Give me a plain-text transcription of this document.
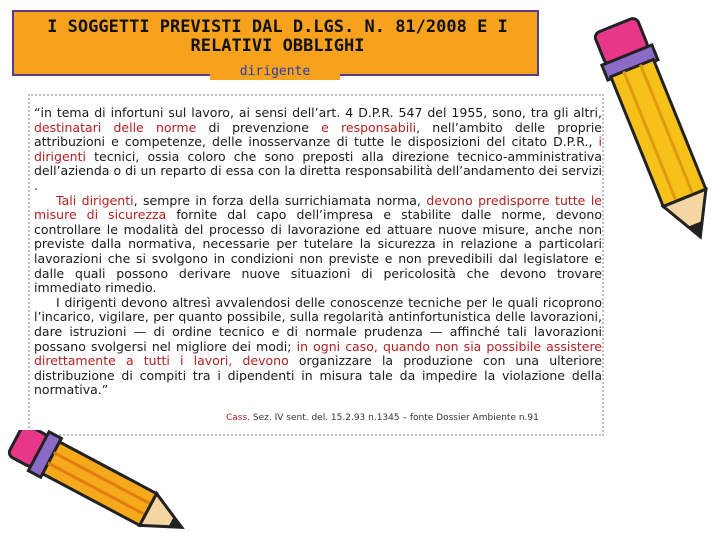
I SOGGETTI PREVISTI DAL D.LGS. N. 81/2008 E I RELATIVI OBBLIGHI
dirigente

“in tema di infortuni sul lavoro, ai sensi dell’art. 4 D.P.R. 547 del 1955, sono, tra gli altri, destinatari delle norme di prevenzione e responsabili, nell’ambito delle proprie attribuzioni e competenze, delle inosservanze di tutte le disposizioni del citato D.P.R., i dirigenti tecnici, ossia coloro che sono preposti alla direzione tecnico-amministrativa dell’azienda o di un reparto di essa con la diretta responsabilità dell’andamento dei servizi .

Tali dirigenti, sempre in forza della surrichiamata norma, devono predisporre tutte le misure di sicurezza fornite dal capo dell’impresa e stabilite dalle norme, devono controllare le modalità del processo di lavorazione ed attuare nuove misure, anche non previste dalla normativa, necessarie per tutelare la sicurezza in relazione a particolari lavorazioni che si svolgono in condizioni non previste e non prevedibili dal legislatore e dalle quali possono derivare nuove situazioni di pericolosità che devono trovare immediato rimedio.

I dirigenti devono altresì avvalendosi delle conoscenze tecniche per le quali ricoprono l’incarico, vigilare, per quanto possibile, sulla regolarità antinfortunistica delle lavorazioni, dare istruzioni — di ordine tecnico e di normale prudenza — affinché tali lavorazioni possano svolgersi nel migliore dei modi; in ogni caso, quando non sia possibile assistere direttamente a tutti i lavori, devono organizzare la produzione con una ulteriore distribuzione di compiti tra i dipendenti in misura tale da impedire la violazione della normativa.”

Cass. Sez. IV sent. del. 15.2.93 n.1345 – fonte Dossier Ambiente n.91
